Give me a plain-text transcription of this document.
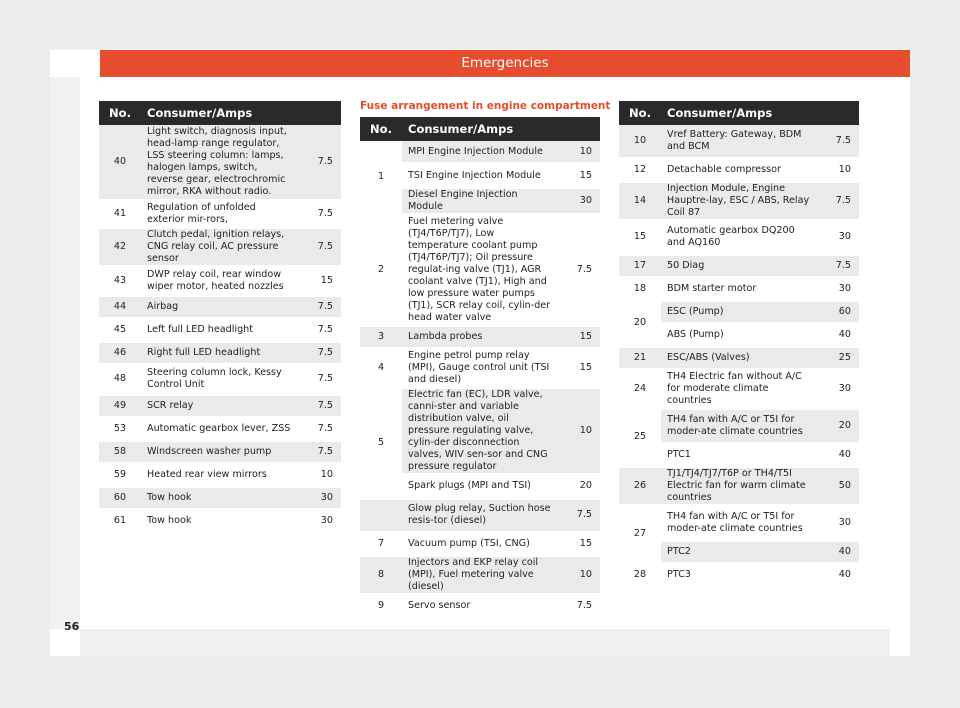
Emergencies
56
No.	Consumer/Amps	
40	Light switch, diagnosis input, head-lamp range regulator, LSS steering column: lamps, halogen lamps, switch, reverse gear, electrochromic mirror, RKA without radio.	7.5
41	Regulation of unfolded exterior mir-rors,	7.5
42	Clutch pedal, ignition relays, CNG relay coil, AC pressure sensor	7.5
43	DWP relay coil, rear window wiper motor, heated nozzles	15
44	Airbag	7.5
45	Left full LED headlight	7.5
46	Right full LED headlight	7.5
48	Steering column lock, Kessy Control Unit	7.5
49	SCR relay	7.5
53	Automatic gearbox lever, ZSS	7.5
58	Windscreen washer pump	7.5
59	Heated rear view mirrors	10
60	Tow hook	30
61	Tow hook	30
Fuse arrangement in engine compartment
No.	Consumer/Amps	
1	MPI Engine Injection Module	10
	TSI Engine Injection Module	15
	Diesel Engine Injection Module	30
2	Fuel metering valve (TJ4/T6P/TJ7), Low temperature coolant pump (TJ4/T6P/TJ7); Oil pressure regulat-ing valve (TJ1), AGR coolant valve (TJ1), High and low pressure water pumps (TJ1), SCR relay coil, cylin-der head water valve	7.5
3	Lambda probes	15
4	Engine petrol pump relay (MPI), Gauge control unit (TSI and diesel)	15
5	Electric fan (EC), LDR valve, canni-ster and variable distribution valve, oil pressure regulating valve, cylin-der disconnection valves, WIV sen-sor and CNG pressure regulator	10
	Spark plugs (MPI and TSI)	20
	Glow plug relay, Suction hose resis-tor (diesel)	7.5
7	Vacuum pump (TSI, CNG)	15
8	Injectors and EKP relay coil (MPI), Fuel metering valve (diesel)	10
9	Servo sensor	7.5
No.	Consumer/Amps	
10	Vref Battery: Gateway, BDM and BCM	7.5
12	Detachable compressor	10
14	Injection Module, Engine Hauptre-lay, ESC / ABS, Relay Coil 87	7.5
15	Automatic gearbox DQ200 and AQ160	30
17	50 Diag	7.5
18	BDM starter motor	30
20	ESC (Pump)	60
	ABS (Pump)	40
21	ESC/ABS (Valves)	25
24	TH4 Electric fan without A/C for moderate climate countries	30
25	TH4 fan with A/C or T5I for moder-ate climate countries	20
	PTC1	40
26	TJ1/TJ4/TJ7/T6P or TH4/T5I Electric fan for warm climate countries	50
27	TH4 fan with A/C or T5I for moder-ate climate countries	30
	PTC2	40
28	PTC3	40
